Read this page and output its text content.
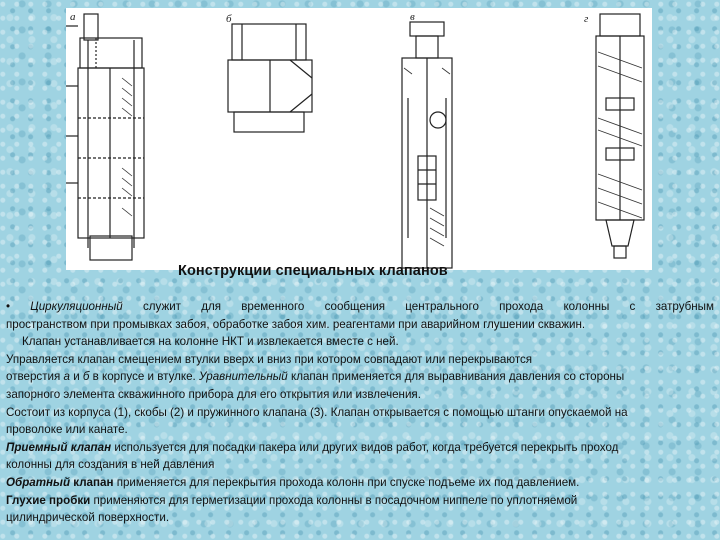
а	б	в	г
Конструкции специальных клапанов

• Циркуляционный служит для временного сообщения центрального прохода колонны с затрубным

пространством при промывках забоя, обработке забоя хим. реагентами при аварийном глушении скважин.

Клапан устанавливается на колонне НКТ и извлекается вместе с ней.

Управляется клапан смещением втулки вверх и вниз при котором совпадают или перекрываются

отверстия а и б в корпусе и втулке. Уравнительный клапан применяется для выравнивания давления со стороны

запорного элемента скважинного прибора для его открытия или извлечения.

Состоит из корпуса (1), скобы (2) и пружинного клапана (3). Клапан открывается с помощью штанги опускаемой на

проволоке или канате.

Приемный клапан используется для посадки пакера или других видов работ, когда требуется перекрыть проход

колонны для создания в ней давления

Обратный клапан применяется для перекрытия прохода колонн при спуске подъеме их под давлением.

Глухие пробки применяются для герметизации прохода колонны в посадочном ниппеле по уплотняемой

цилиндрической поверхности.
